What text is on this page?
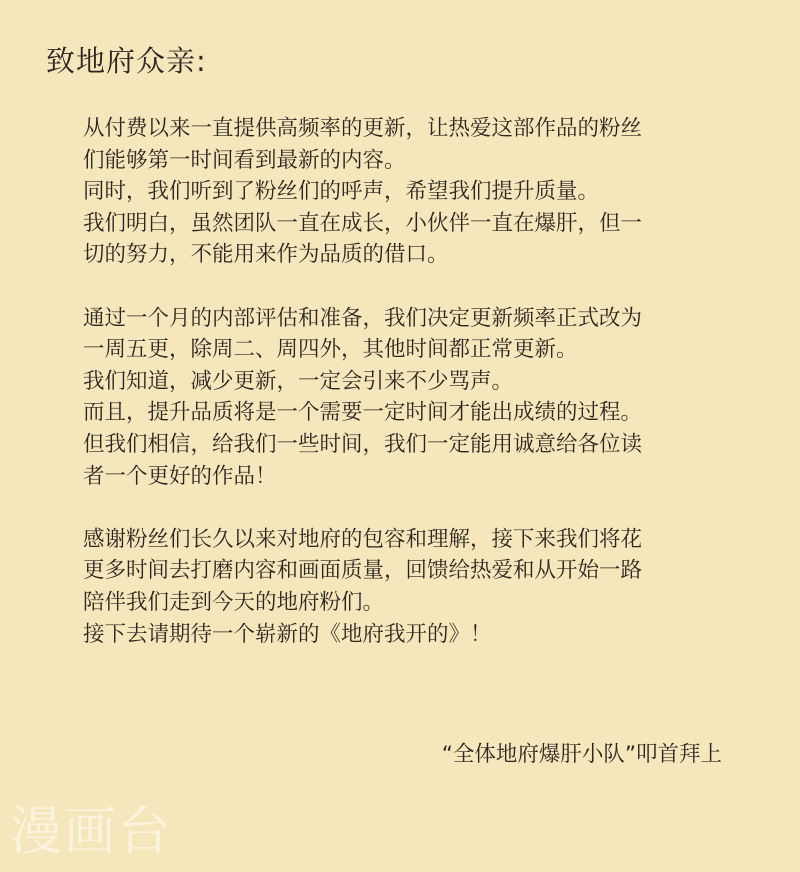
致地府众亲:
从付费以来一直提供高频率的更新，让热爱这部作品的粉丝
们能够第一时间看到最新的内容。
同时，我们听到了粉丝们的呼声，希望我们提升质量。
我们明白，虽然团队一直在成长，小伙伴一直在爆肝，但一
切的努力，不能用来作为品质的借口。
通过一个月的内部评估和准备，我们决定更新频率正式改为
一周五更，除周二、周四外，其他时间都正常更新。
我们知道，减少更新，一定会引来不少骂声。
而且，提升品质将是一个需要一定时间才能出成绩的过程。
但我们相信，给我们一些时间，我们一定能用诚意给各位读
者一个更好的作品！
感谢粉丝们长久以来对地府的包容和理解，接下来我们将花
更多时间去打磨内容和画面质量，回馈给热爱和从开始一路
陪伴我们走到今天的地府粉们。
接下去请期待一个崭新的《地府我开的》！
“全体地府爆肝小队”叩首拜上
漫画台
